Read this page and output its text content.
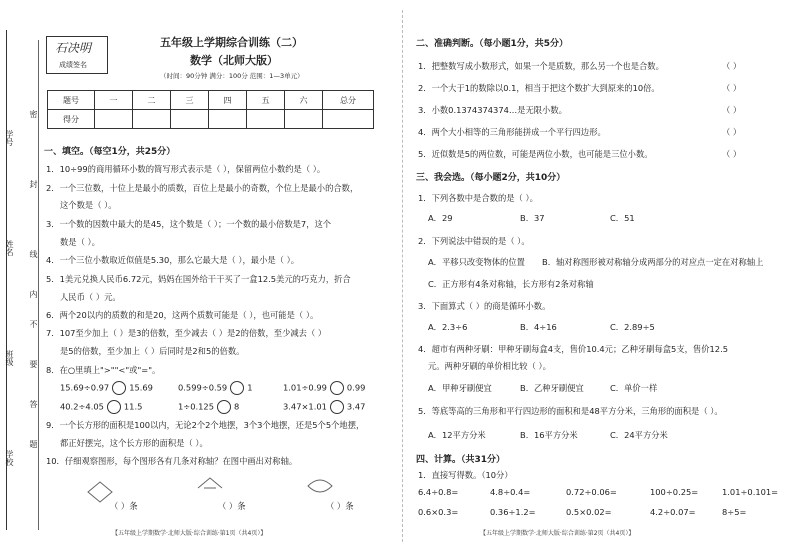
学号
姓名
班级
学校
密
封
线
内
不
要
答
题
石决明
成绩签名
五年级上学期综合训练（二）
数学（北师大版）
（时间：90分钟 满分：100分 范围：1—3单元）
题号	一	二	三	四	五	六	总分
得分							
一、填空。（每空1分，共25分）
1．10÷99的商用循环小数的简写形式表示是（ ），保留两位小数约是（ ）。
2．一个三位数，十位上是最小的质数，百位上是最小的奇数，个位上是最小的合数，
这个数是（ ）。
3．一个数的因数中最大的是45，这个数是（ ）；一个数的最小倍数是7，这个
数是（ ）。
4．一个三位小数取近似值是5.30，那么它最大是（ ），最小是（ ）。
5．1美元兑换人民币6.72元，妈妈在国外给干干买了一盒12.5美元的巧克力，折合
人民币（ ）元。
6．两个20以内的质数的和是20，这两个质数可能是（ ），也可能是（ ）。
7．107至少加上（ ）是3的倍数，至少减去（ ）是2的倍数，至少减去（ ）
是5的倍数，至少加上（ ）后同时是2和5的倍数。
8．在○里填上">""<"或"="。
15.69÷0.97 15.69	0.599÷0.59 1	1.01÷0.99 0.99
40.2÷4.05 11.5	1÷0.125 8	3.47×1.01 3.47
9．一个长方形的面积是100以内，无论2个2个地摆，3个3个地摆，还是5个5个地摆，
都正好摆完，这个长方形的面积是（ ）。
10．仔细观察图形，每个图形各有几条对称轴？在图中画出对称轴。
（ ）条	（ ）条	（ ）条
【五年级上学期数学·北师大版·综合训练·第1页（共4页）】
二、准确判断。（每小题1分，共5分）
1．把整数写成小数形式，如果一个是质数，那么另一个也是合数。	（ ）
2．一个大于1的数除以0.1，相当于把这个数扩大到原来的10倍。	（ ）
3．小数0.1374374374…是无限小数。	（ ）
4．两个大小相等的三角形能拼成一个平行四边形。	（ ）
5．近似数是5的两位数，可能是两位小数，也可能是三位小数。	（ ）
三、我会选。（每小题2分，共10分）
1．下列各数中是合数的是（ ）。
A．29	B．37	C．51
2．下列说法中错误的是（ ）。
A．平移只改变物体的位置 B．轴对称图形被对称轴分成两部分的对应点一定在对称轴上
C．正方形有4条对称轴，长方形有2条对称轴
3．下面算式（ ）的商是循环小数。
A．2.3÷6	B．4÷16	C．2.89÷5
4．超市有两种牙刷：甲种牙刷每盒4支，售价10.4元；乙种牙刷每盒5支，售价12.5
元。两种牙刷的单价相比较（ ）。
A．甲种牙刷便宜	B．乙种牙刷便宜	C．单价一样
5．等底等高的三角形和平行四边形的面积和是48平方分米，三角形的面积是（ ）。
A．12平方分米	B．16平方分米	C．24平方分米
四、计算。（共31分）
1．直接写得数。（10分）
6.4÷0.8=	4.8÷0.4=	0.72÷0.06=	100÷0.25=	1.01÷0.101=
0.6×0.3=	0.36÷1.2=	0.5×0.02=	4.2÷0.07=	8÷5=
【五年级上学期数学·北师大版·综合训练·第2页（共4页）】
